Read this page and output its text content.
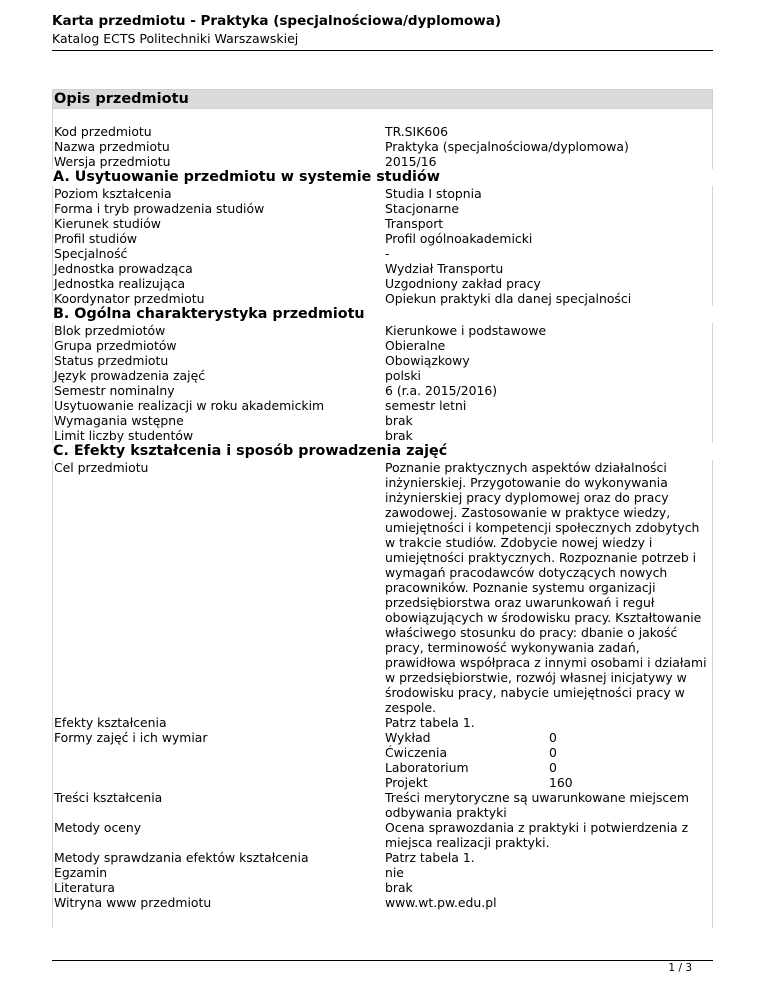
Karta przedmiotu - Praktyka (specjalnościowa/dyplomowa)
Katalog ECTS Politechniki Warszawskiej
Opis przedmiotu
Kod przedmiotu	TR.SIK606
Nazwa przedmiotu	Praktyka (specjalnościowa/dyplomowa)
Wersja przedmiotu	2015/16
A. Usytuowanie przedmiotu w systemie studiów
Poziom kształcenia	Studia I stopnia
Forma i tryb prowadzenia studiów	Stacjonarne
Kierunek studiów	Transport
Profil studiów	Profil ogólnoakademicki
Specjalność	-
Jednostka prowadząca	Wydział Transportu
Jednostka realizująca	Uzgodniony zakład pracy
Koordynator przedmiotu	Opiekun praktyki dla danej specjalności
B. Ogólna charakterystyka przedmiotu
Blok przedmiotów	Kierunkowe i podstawowe
Grupa przedmiotów	Obieralne
Status przedmiotu	Obowiązkowy
Język prowadzenia zajęć	polski
Semestr nominalny	6 (r.a. 2015/2016)
Usytuowanie realizacji w roku akademickim	semestr letni
Wymagania wstępne	brak
Limit liczby studentów	brak
C. Efekty kształcenia i sposób prowadzenia zajęć
Cel przedmiotu	Poznanie praktycznych aspektów działalności inżynierskiej. Przygotowanie do wykonywania inżynierskiej pracy dyplomowej oraz do pracy zawodowej. Zastosowanie w praktyce wiedzy, umiejętności i kompetencji społecznych zdobytych w trakcie studiów. Zdobycie nowej wiedzy i umiejętności praktycznych. Rozpoznanie potrzeb i wymagań pracodawców dotyczących nowych pracowników. Poznanie systemu organizacji przedsiębiorstwa oraz uwarunkowań i reguł obowiązujących w środowisku pracy. Kształtowanie właściwego stosunku do pracy: dbanie o jakość pracy, terminowość wykonywania zadań, prawidłowa współpraca z innymi osobami i działami w przedsiębiorstwie, rozwój własnej inicjatywy w środowisku pracy, nabycie umiejętności pracy w zespole.
Efekty kształcenia	Patrz tabela 1.
Formy zajęć i ich wymiar	Wykład	0
Ćwiczenia	0
Laboratorium	0
Projekt	160
Treści kształcenia	Treści merytoryczne są uwarunkowane miejscem odbywania praktyki
Metody oceny	Ocena sprawozdania z praktyki i potwierdzenia z miejsca realizacji praktyki.
Metody sprawdzania efektów kształcenia	Patrz tabela 1.
Egzamin	nie
Literatura	brak
Witryna www przedmiotu	www.wt.pw.edu.pl
1 / 3
